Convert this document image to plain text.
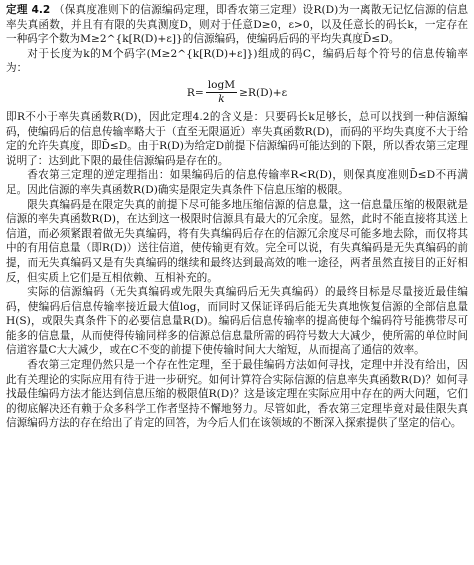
定理 4.2 （保真度准则下的信源编码定理，即香农第三定理）设R(D)为一离散无记忆信源的信息率失真函数，并且有有限的失真测度D，则对于任意D≥0，ε>0，以及任意长的码长k，一定存在一种码字个数为M≥2^{k[R(D)+ε]}的信源编码，使编码后码的平均失真度D̄≤D。

对于长度为k的M个码字(M≥2^{k[R(D)+ε]})组成的码C，编码后每个符号的信息传输率为：

$R= \frac{\log M}{k} \ge R(D)+\varepsilon$

即R不小于率失真函数R(D)，因此定理4.2的含义是：只要码长k足够长，总可以找到一种信源编码，使编码后的信息传输率略大于（直至无限逼近）率失真函数R(D)，而码的平均失真度不大于给定的允许失真度，即D̄≤D。由于R(D)为给定D前提下信源编码可能达到的下限，所以香农第三定理说明了：达到此下限的最佳信源编码是存在的。

香农第三定理的逆定理指出：如果编码后的信息传输率R<R(D)，则保真度准则D̄≤D不再满足。因此信源的率失真函数R(D)确实是限定失真条件下信息压缩的极限。

限失真编码是在限定失真的前提下尽可能多地压缩信源的信息量，这一信息量压缩的极限就是信源的率失真函数R(D)，在达到这一极限时信源具有最大的冗余度。显然，此时不能直接将其送上信道，而必须紧跟着做无失真编码，将有失真编码后存在的信源冗余度尽可能多地去除，而仅将其中的有用信息量（即R(D)）送往信道，使传输更有效。完全可以说，有失真编码是无失真编码的前提，而无失真编码又是有失真编码的继续和最终达到最高效的唯一途径，两者虽然直接目的正好相反，但实质上它们是互相依赖、互相补充的。

实际的信源编码（无失真编码或先限失真编码后无失真编码）的最终目标是尽量接近最佳编码，使编码后信息传输率接近最大值log，而同时又保证译码后能无失真地恢复信源的全部信息量H(S)，或限失真条件下的必要信息量R(D)。编码后信息传输率的提高使每个编码符号能携带尽可能多的信息量，从而使得传输同样多的信源总信息量所需的码符号数大大减少，使所需的单位时间信道容量C大大减少，或在C不变的前提下使传输时间大大缩短，从而提高了通信的效率。

香农第三定理仍然只是一个存在性定理，至于最佳编码方法如何寻找，定理中并没有给出，因此有关理论的实际应用有待于进一步研究。如何计算符合实际信源的信息率失真函数R(D)？如何寻找最佳编码方法才能达到信息压缩的极限值R(D)？这是该定理在实际应用中存在的两大问题，它们的彻底解决还有赖于众多科学工作者坚持不懈地努力。尽管如此，香农第三定理毕竟对最佳限失真信源编码方法的存在给出了肯定的回答，为今后人们在该领域的不断深入探索提供了坚定的信心。
